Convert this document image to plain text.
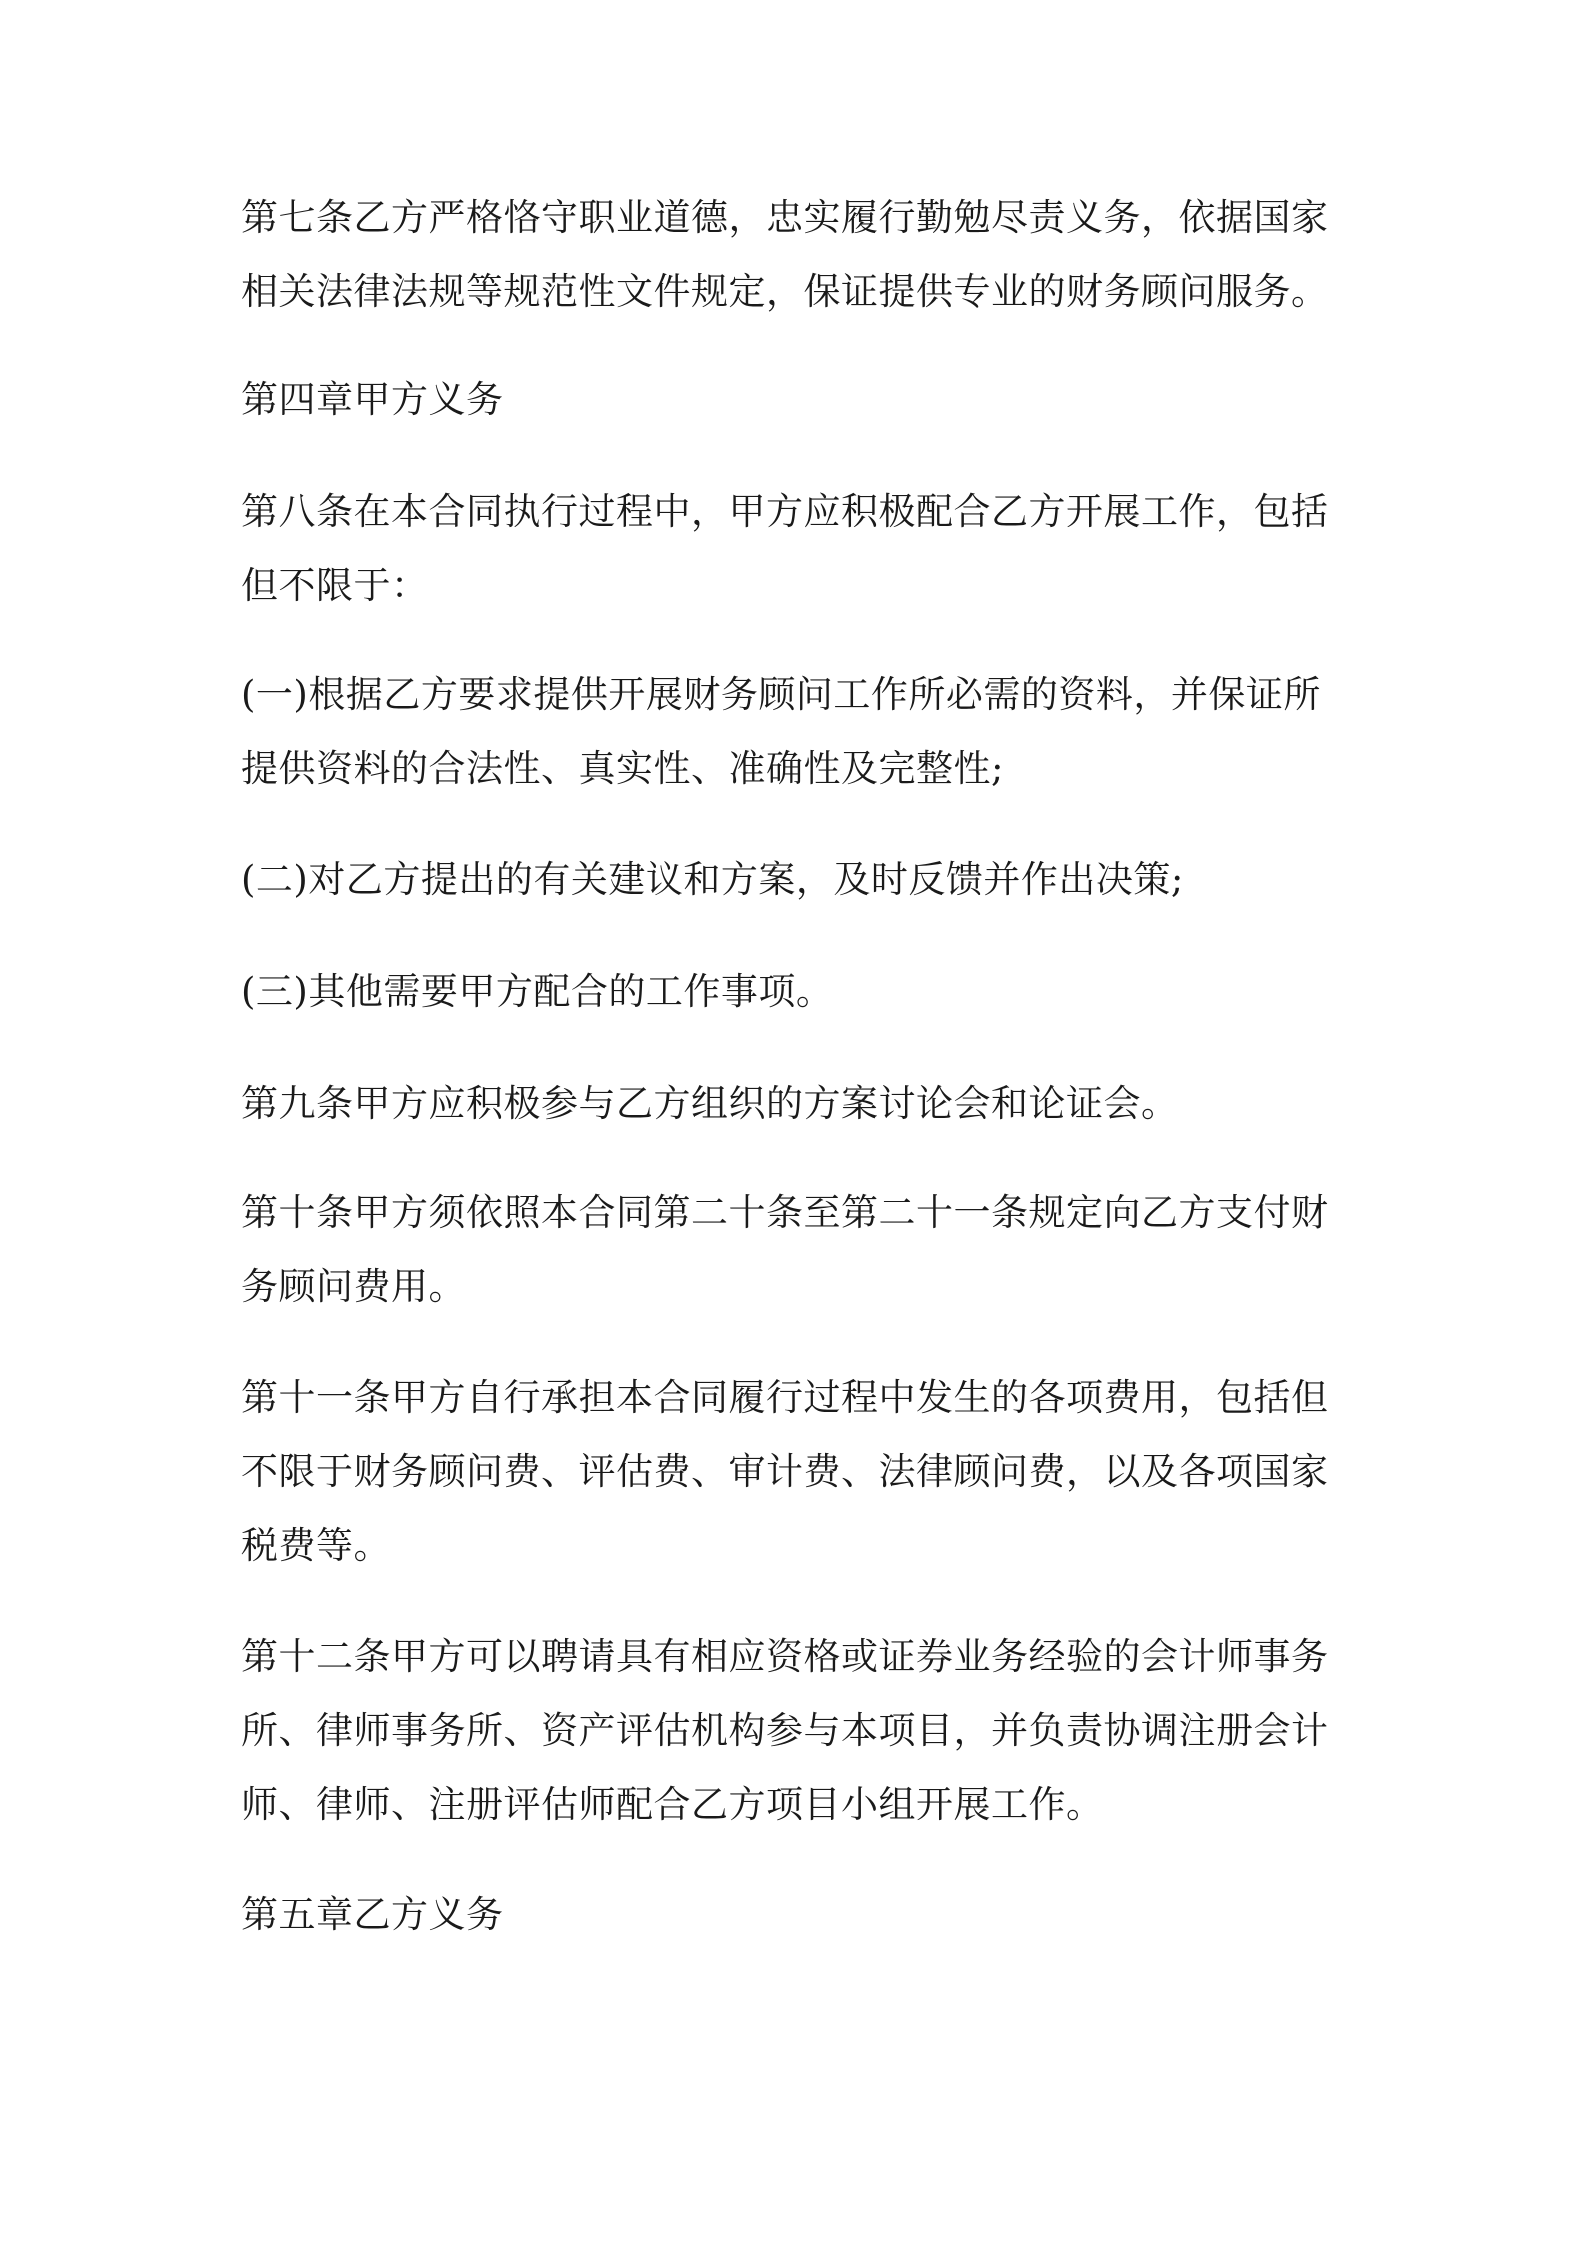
第七条乙方严格恪守职业道德，忠实履行勤勉尽责义务，依据国家
相关法律法规等规范性文件规定，保证提供专业的财务顾问服务。

第四章甲方义务

第八条在本合同执行过程中，甲方应积极配合乙方开展工作，包括
但不限于：

(一)根据乙方要求提供开展财务顾问工作所必需的资料，并保证所
提供资料的合法性、真实性、准确性及完整性;

(二)对乙方提出的有关建议和方案，及时反馈并作出决策;

(三)其他需要甲方配合的工作事项。

第九条甲方应积极参与乙方组织的方案讨论会和论证会。

第十条甲方须依照本合同第二十条至第二十一条规定向乙方支付财
务顾问费用。

第十一条甲方自行承担本合同履行过程中发生的各项费用，包括但
不限于财务顾问费、评估费、审计费、法律顾问费，以及各项国家
税费等。

第十二条甲方可以聘请具有相应资格或证券业务经验的会计师事务
所、律师事务所、资产评估机构参与本项目，并负责协调注册会计
师、律师、注册评估师配合乙方项目小组开展工作。

第五章乙方义务
